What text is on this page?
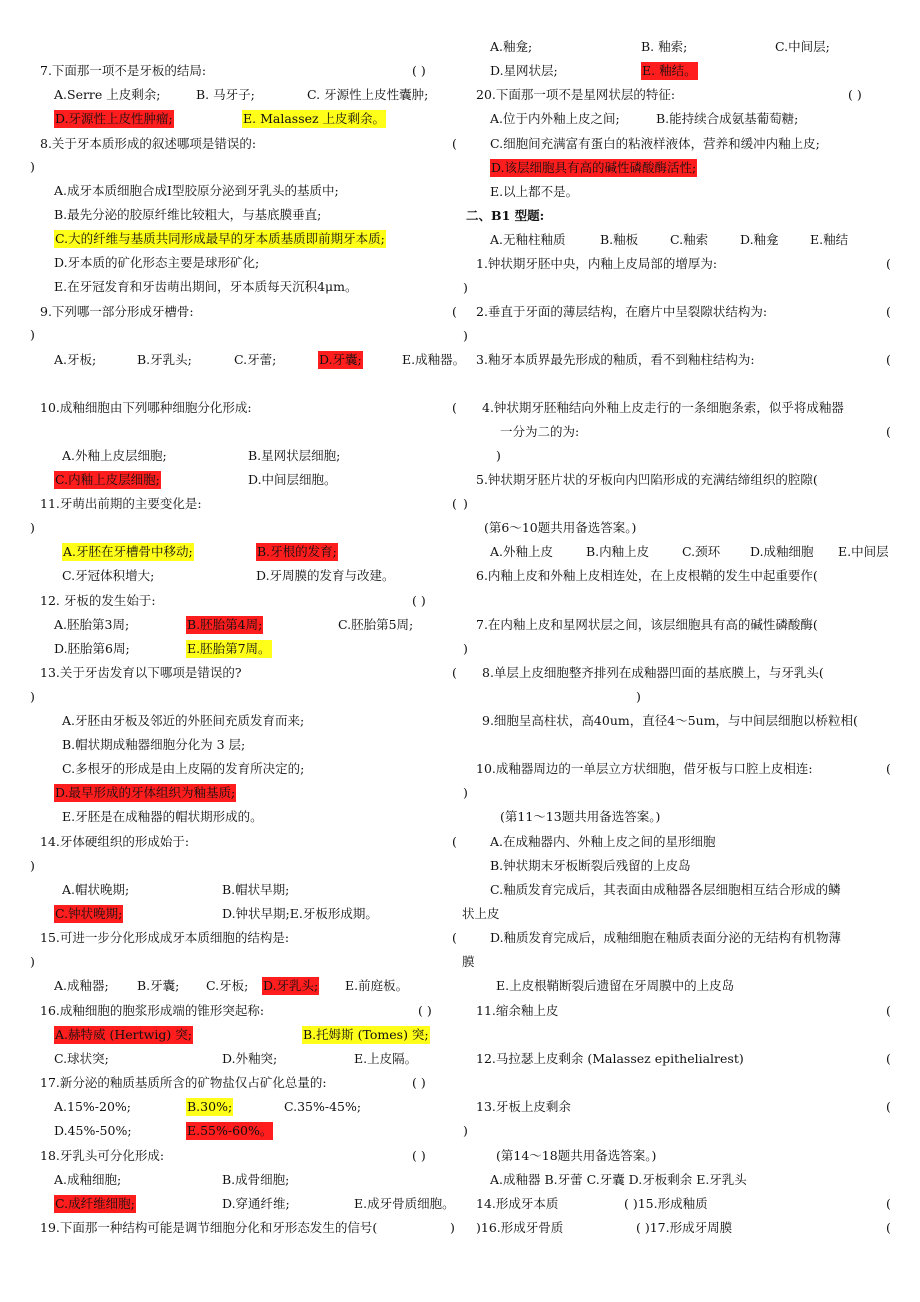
7.下面那一项不是牙板的结局:	( )
A.Serre 上皮剩余;	B. 马牙子;	C. 牙源性上皮性囊肿;
D.牙源性上皮性肿瘤;	E. Malassez 上皮剩余。
8.关于牙本质形成的叙述哪项是错误的:	(
)
A.成牙本质细胞合成Ⅰ型胶原分泌到牙乳头的基质中;
B.最先分泌的胶原纤维比较粗大，与基底膜垂直;
C.大的纤维与基质共同形成最早的牙本质基质即前期牙本质;
D.牙本质的矿化形态主要是球形矿化;
E.在牙冠发育和牙齿萌出期间，牙本质每天沉积4μm。
9.下列哪一部分形成牙槽骨:	(
)
A.牙板;	B.牙乳头;	C.牙蕾;	D.牙囊;	E.成釉器。
10.成釉细胞由下列哪种细胞分化形成:	(
A.外釉上皮层细胞;	B.星网状层细胞;
C.内釉上皮层细胞;	D.中间层细胞。
11.牙萌出前期的主要变化是:	(
)
A.牙胚在牙槽骨中移动;	B.牙根的发育;
C.牙冠体积增大;	D.牙周膜的发育与改建。
12. 牙板的发生始于:	( )
A.胚胎第3周;	B.胚胎第4周;	C.胚胎第5周;
D.胚胎第6周;	E.胚胎第7周。
13.关于牙齿发育以下哪项是错误的?	(
)
A.牙胚由牙板及邻近的外胚间充质发育而来;
B.帽状期成釉器细胞分化为 3 层;
C.多根牙的形成是由上皮隔的发育所决定的;
D.最早形成的牙体组织为釉基质;
E.牙胚是在成釉器的帽状期形成的。
14.牙体硬组织的形成始于:	(
)
A.帽状晚期;	B.帽状早期;
C.钟状晚期;	D.钟状早期;E.牙板形成期。
15.可进一步分化形成成牙本质细胞的结构是:	(
)
A.成釉器; B.牙囊; C.牙板; D.牙乳头; E.前庭板。
16.成釉细胞的胞浆形成端的锥形突起称:	( )
A.赫特威 (Hertwig) 突;	B.托姆斯 (Tomes) 突;
C.球状突;	D.外釉突;	E.上皮隔。
17.新分泌的釉质基质所含的矿物盐仅占矿化总量的:	( )
A.15%-20%;	B.30%;	C.35%-45%;
D.45%-50%;	E.55%-60%。
18.牙乳头可分化形成:	( )
A.成釉细胞;	B.成骨细胞;
C.成纤维细胞;	D.穿通纤维;	E.成牙骨质细胞。
19.下面那一种结构可能是调节细胞分化和牙形态发生的信号(	)
A.釉龛;	B. 釉索;	C.中间层;
D.星网状层;	E. 釉结。
20.下面那一项不是星网状层的特征:	( )
A.位于内外釉上皮之间;	B.能持续合成氨基葡萄糖;
C.细胞间充满富有蛋白的粘液样液体，营养和缓冲内釉上皮;
D.该层细胞具有高的碱性磷酸酶活性;
E.以上都不是。
二、B1 型题:
A.无釉柱釉质	B.釉板	C.釉索	D.釉龛	E.釉结
1.钟状期牙胚中央，内釉上皮局部的增厚为:	(
)
2.垂直于牙面的薄层结构，在磨片中呈裂隙状结构为:	(
)
3.釉牙本质界最先形成的釉质，看不到釉柱结构为:	(
4.钟状期牙胚釉结向外釉上皮走行的一条细胞条索，似乎将成釉器
一分为二的为:	(
)
5.钟状期牙胚片状的牙板向内凹陷形成的充满结缔组织的腔隙(
)
(第6～10题共用备选答案。)
A.外釉上皮	B.内釉上皮	C.颈环 D.成釉细胞 E.中间层
6.内釉上皮和外釉上皮相连处，在上皮根鞘的发生中起重要作(
7.在内釉上皮和星网状层之间，该层细胞具有高的碱性磷酸酶(
)
8.单层上皮细胞整齐排列在成釉器凹面的基底膜上，与牙乳头(
)
9.细胞呈高柱状，高40um，直径4～5um，与中间层细胞以桥粒相(
10.成釉器周边的一单层立方状细胞，借牙板与口腔上皮相连:	(
)
(第11～13题共用备选答案。)
A.在成釉器内、外釉上皮之间的星形细胞
B.钟状期末牙板断裂后残留的上皮岛
C.釉质发育完成后，其表面由成釉器各层细胞相互结合形成的鳞
状上皮
D.釉质发育完成后，成釉细胞在釉质表面分泌的无结构有机物薄
膜
E.上皮根鞘断裂后遗留在牙周膜中的上皮岛
11.缩余釉上皮	(
12.马拉瑟上皮剩余 (Malassez epithelialrest)	(
13.牙板上皮剩余	(
)
(第14～18题共用备选答案。)
A.成釉器 B.牙蕾 C.牙囊 D.牙板剩余 E.牙乳头
14.形成牙本质	( )15.形成釉质	(
)16.形成牙骨质	( )17.形成牙周膜	(
